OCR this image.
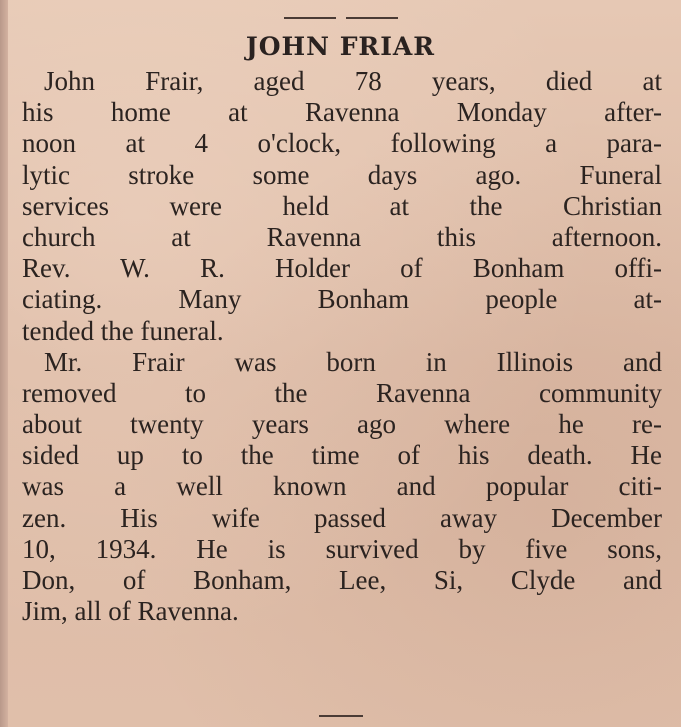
JOHN FRIAR
John Frair, aged 78 years, died at
his home at Ravenna Monday after-
noon at 4 o'clock, following a para-
lytic stroke some days ago. Funeral
services were held at the Christian
church at Ravenna this afternoon.
Rev. W. R. Holder of Bonham offi-
ciating. Many Bonham people at-
tended the funeral.
Mr. Frair was born in Illinois and
removed to the Ravenna community
about twenty years ago where he re-
sided up to the time of his death. He
was a well known and popular citi-
zen. His wife passed away December
10, 1934. He is survived by five sons,
Don, of Bonham, Lee, Si, Clyde and
Jim, all of Ravenna.
